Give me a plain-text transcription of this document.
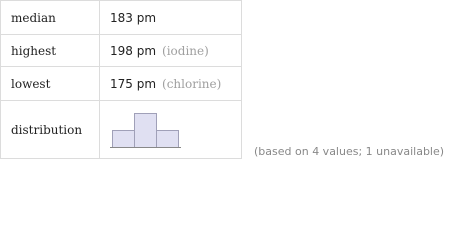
median	183 pm
highest	198 pm (iodine)
lowest	175 pm (chlorine)
distribution	
(based on 4 values; 1 unavailable)
